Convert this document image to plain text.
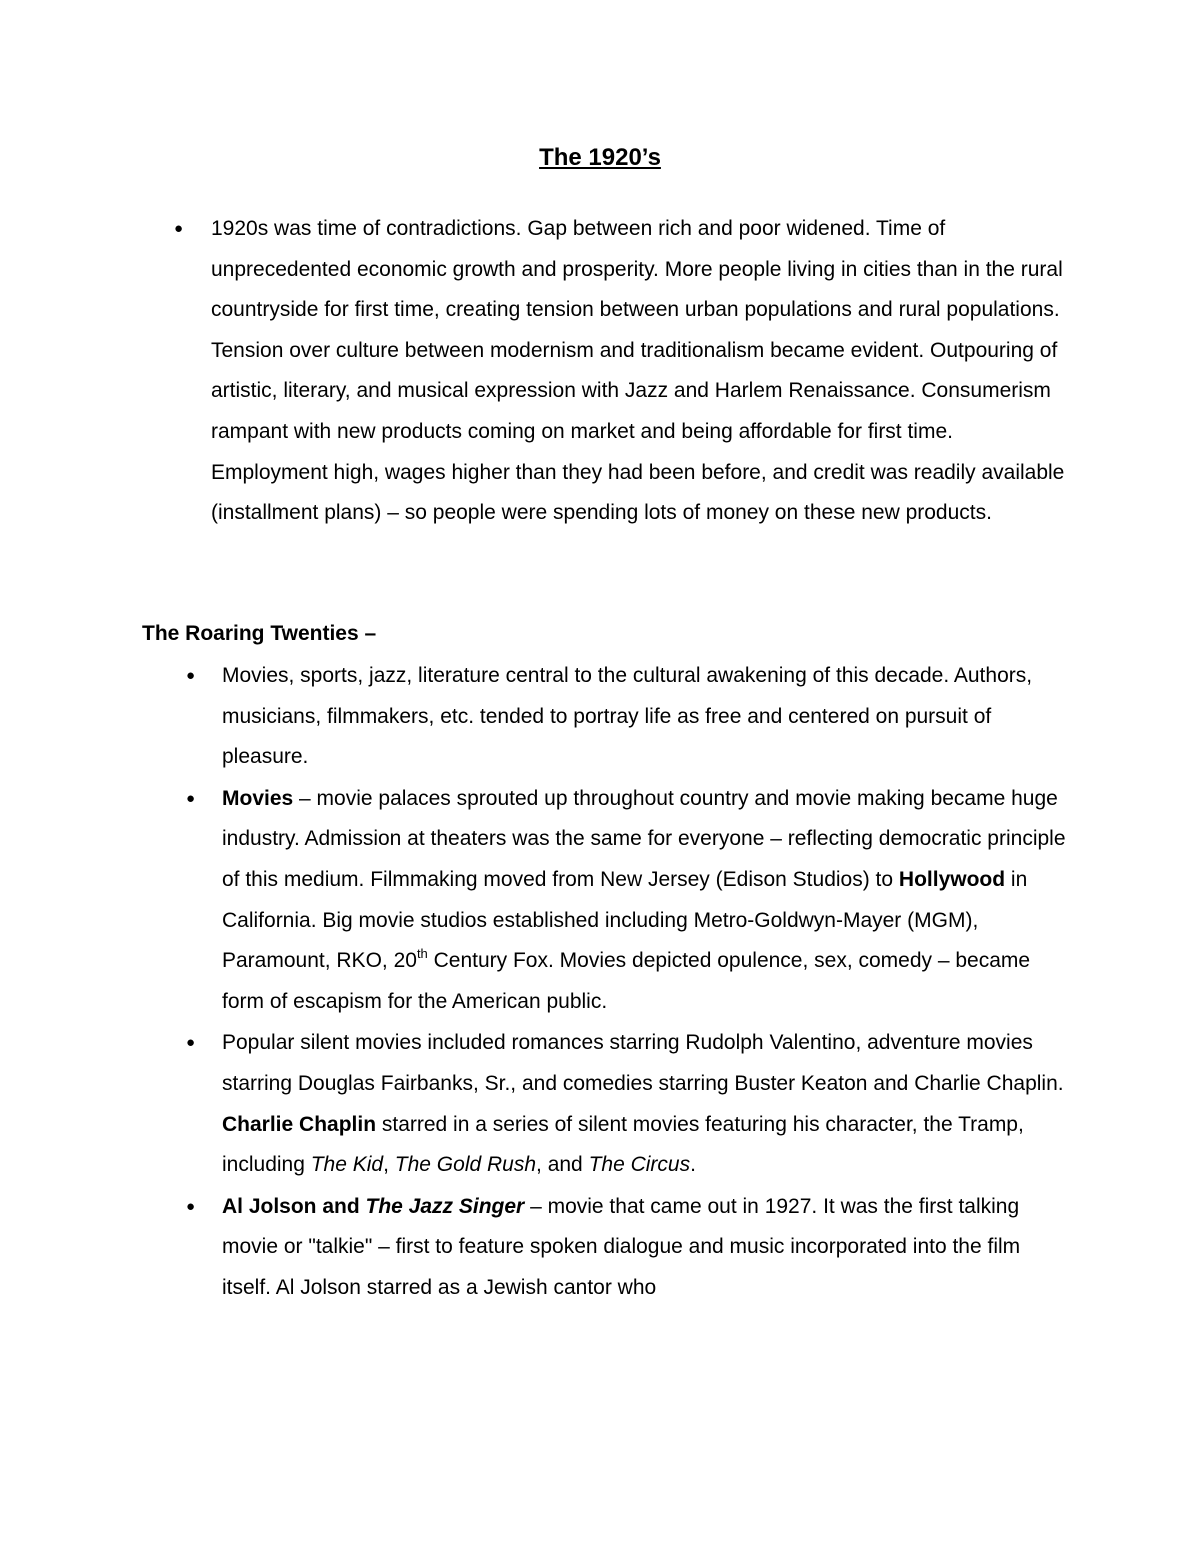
The 1920’s
● 1920s was time of contradictions. Gap between rich and poor widened. Time of unprecedented economic growth and prosperity. More people living in cities than in the rural countryside for first time, creating tension between urban populations and rural populations. Tension over culture between modernism and traditionalism became evident. Outpouring of artistic, literary, and musical expression with Jazz and Harlem Renaissance. Consumerism rampant with new products coming on market and being affordable for first time. Employment high, wages higher than they had been before, and credit was readily available (installment plans) – so people were spending lots of money on these new products.
The Roaring Twenties –
● Movies, sports, jazz, literature central to the cultural awakening of this decade. Authors, musicians, filmmakers, etc. tended to portray life as free and centered on pursuit of pleasure.
● Movies – movie palaces sprouted up throughout country and movie making became huge industry. Admission at theaters was the same for everyone – reflecting democratic principle of this medium. Filmmaking moved from New Jersey (Edison Studios) to Hollywood in California. Big movie studios established including Metro-Goldwyn-Mayer (MGM), Paramount, RKO, 20th Century Fox. Movies depicted opulence, sex, comedy – became form of escapism for the American public.
● Popular silent movies included romances starring Rudolph Valentino, adventure movies starring Douglas Fairbanks, Sr., and comedies starring Buster Keaton and Charlie Chaplin. Charlie Chaplin starred in a series of silent movies featuring his character, the Tramp, including The Kid, The Gold Rush, and The Circus.
● Al Jolson and The Jazz Singer – movie that came out in 1927. It was the first talking movie or "talkie" – first to feature spoken dialogue and music incorporated into the film itself. Al Jolson starred as a Jewish cantor who
